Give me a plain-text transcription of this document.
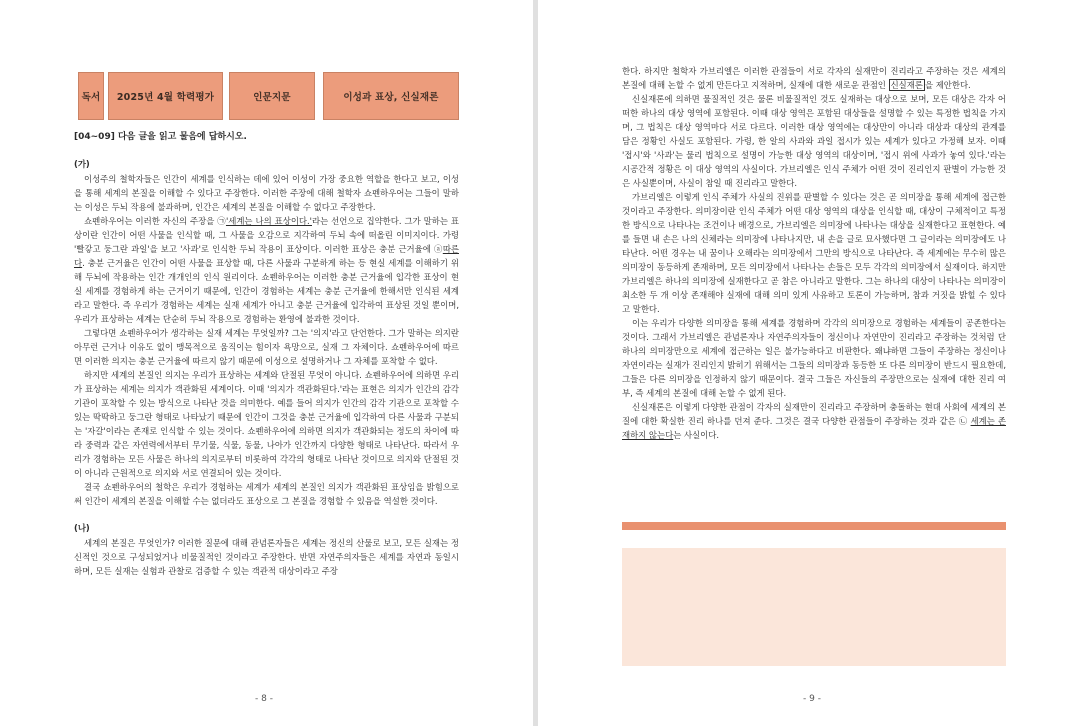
독서	2025년 4월 학력평가	인문지문	이성과 표상, 신실재론
[04~09] 다음 글을 읽고 물음에 답하시오.

(가)

이성주의 철학자들은 인간이 세계를 인식하는 데에 있어 이성이 가장 중요한 역할을 한다고 보고, 이성을 통해 세계의 본질을 이해할 수 있다고 주장한다. 이러한 주장에 대해 철학자 쇼펜하우어는 그들이 말하는 이성은 두뇌 작용에 불과하며, 인간은 세계의 본질을 이해할 수 없다고 주장한다.

쇼펜하우어는 이러한 자신의 주장을 ㉠'세계는 나의 표상이다.'라는 선언으로 집약한다. 그가 말하는 표상이란 인간이 어떤 사물을 인식할 때, 그 사물을 오감으로 지각하여 두뇌 속에 떠올린 이미지이다. 가령 '빨갛고 둥그란 과일'을 보고 '사과'로 인식한 두뇌 작용이 표상이다. 이러한 표상은 충분 근거율에 ⓐ따른다. 충분 근거율은 인간이 어떤 사물을 표상할 때, 다른 사물과 구분하게 하는 등 현실 세계를 이해하기 위해 두뇌에 작용하는 인간 개개인의 인식 원리이다. 쇼펜하우어는 이러한 충분 근거율에 입각한 표상이 현실 세계를 경험하게 하는 근거이기 때문에, 인간이 경험하는 세계는 충분 근거율에 한해서만 인식된 세계라고 말한다. 즉 우리가 경험하는 세계는 실재 세계가 아니고 충분 근거율에 입각하여 표상된 것일 뿐이며, 우리가 표상하는 세계는 단순히 두뇌 작용으로 경험하는 환영에 불과한 것이다.

그렇다면 쇼펜하우어가 생각하는 실재 세계는 무엇일까? 그는 '의지'라고 단언한다. 그가 말하는 의지란 아무런 근거나 이유도 없이 맹목적으로 움직이는 힘이자 욕망으로, 실재 그 자체이다. 쇼펜하우어에 따르면 이러한 의지는 충분 근거율에 따르지 않기 때문에 이성으로 설명하거나 그 자체를 포착할 수 없다.

하지만 세계의 본질인 의지는 우리가 표상하는 세계와 단절된 무엇이 아니다. 쇼펜하우어에 의하면 우리가 표상하는 세계는 의지가 객관화된 세계이다. 이때 '의지가 객관화된다.'라는 표현은 의지가 인간의 감각 기관이 포착할 수 있는 방식으로 나타난 것을 의미한다. 예를 들어 의지가 인간의 감각 기관으로 포착할 수 있는 딱딱하고 둥그란 형태로 나타났기 때문에 인간이 그것을 충분 근거율에 입각하여 다른 사물과 구분되는 '자갈'이라는 존재로 인식할 수 있는 것이다. 쇼펜하우어에 의하면 의지가 객관화되는 정도의 차이에 따라 중력과 같은 자연력에서부터 무기물, 식물, 동물, 나아가 인간까지 다양한 형태로 나타난다. 따라서 우리가 경험하는 모든 사물은 하나의 의지로부터 비롯하여 각각의 형태로 나타난 것이므로 의지와 단절된 것이 아니라 근원적으로 의지와 서로 연결되어 있는 것이다.

결국 쇼펜하우어의 철학은 우리가 경험하는 세계가 세계의 본질인 의지가 객관화된 표상임을 밝힘으로써 인간이 세계의 본질을 이해할 수는 없더라도 표상으로 그 본질을 경험할 수 있음을 역설한 것이다.

(나)

세계의 본질은 무엇인가? 이러한 질문에 대해 관념론자들은 세계는 정신의 산물로 보고, 모든 실재는 정신적인 것으로 구성되었거나 비물질적인 것이라고 주장한다. 반면 자연주의자들은 세계를 자연과 동일시하며, 모든 실재는 실험과 관찰로 검증할 수 있는 객관적 대상이라고 주장

- 8 -

한다. 하지만 철학자 가브리엘은 이러한 관점들이 서로 각자의 실재만이 진리라고 주장하는 것은 세계의 본질에 대해 논할 수 없게 만든다고 지적하며, 실재에 대한 새로운 관점인 신실재론 을 제안한다.

신실재론에 의하면 물질적인 것은 물론 비물질적인 것도 실재하는 대상으로 보며, 모든 대상은 각자 어떠한 하나의 대상 영역에 포함된다. 이때 대상 영역은 포함된 대상들을 설명할 수 있는 특정한 법칙을 가지며, 그 법칙은 대상 영역마다 서로 다르다. 이러한 대상 영역에는 대상만이 아니라 대상과 대상의 관계를 담은 정황인 사실도 포함된다. 가령, 한 알의 사과와 과일 접시가 있는 세계가 있다고 가정해 보자. 이때 '접시'와 '사과'는 물리 법칙으로 설명이 가능한 대상 영역의 대상이며, '접시 위에 사과가 놓여 있다.'라는 시공간적 정황은 이 대상 영역의 사실이다. 가브리엘은 인식 주체가 어떤 것이 진리인지 판별이 가능한 것은 사실뿐이며, 사실이 참일 때 진리라고 말한다.

가브리엘은 이렇게 인식 주체가 사실의 진위를 판별할 수 있다는 것은 곧 의미장을 통해 세계에 접근한 것이라고 주장한다. 의미장이란 인식 주체가 어떤 대상 영역의 대상을 인식할 때, 대상이 구체적이고 특정한 방식으로 나타나는 조건이나 배경으로, 가브리엘은 의미장에 나타나는 대상을 실재한다고 표현한다. 예를 들면 내 손은 나의 신체라는 의미장에 나타나지만, 내 손을 글로 묘사했다면 그 글이라는 의미장에도 나타난다. 어떤 경우는 내 꿈이나 오해라는 의미장에서 그만의 방식으로 나타난다. 즉 세계에는 무수히 많은 의미장이 동등하게 존재하며, 모든 의미장에서 나타나는 손들은 모두 각각의 의미장에서 실재이다. 하지만 가브리엘은 하나의 의미장에 실재한다고 곧 참은 아니라고 말한다. 그는 하나의 대상이 나타나는 의미장이 최소한 두 개 이상 존재해야 실재에 대해 의미 있게 사유하고 토론이 가능하며, 참과 거짓을 밝힐 수 있다고 말한다.

이는 우리가 다양한 의미장을 통해 세계를 경험하며 각각의 의미장으로 경험하는 세계들이 공존한다는 것이다. 그래서 가브리엘은 관념론자나 자연주의자들이 정신이나 자연만이 진리라고 주장하는 것처럼 단 하나의 의미장만으로 세계에 접근하는 일은 불가능하다고 비판한다. 왜냐하면 그들이 주장하는 정신이나 자연이라는 실재가 진리인지 밝히기 위해서는 그들의 의미장과 동등한 또 다른 의미장이 반드시 필요한데, 그들은 다른 의미장을 인정하지 않기 때문이다. 결국 그들은 자신들의 주장만으로는 실재에 대한 진리 여부, 즉 세계의 본질에 대해 논할 수 없게 된다.

신실재론은 이렇게 다양한 관점이 각자의 실재만이 진리라고 주장하며 충돌하는 현대 사회에 세계의 본질에 대한 확실한 진리 하나를 던져 준다. 그것은 결국 다양한 관점들이 주장하는 것과 같은 ㉡ 세계는 존재하지 않는다는 사실이다.

- 9 -
